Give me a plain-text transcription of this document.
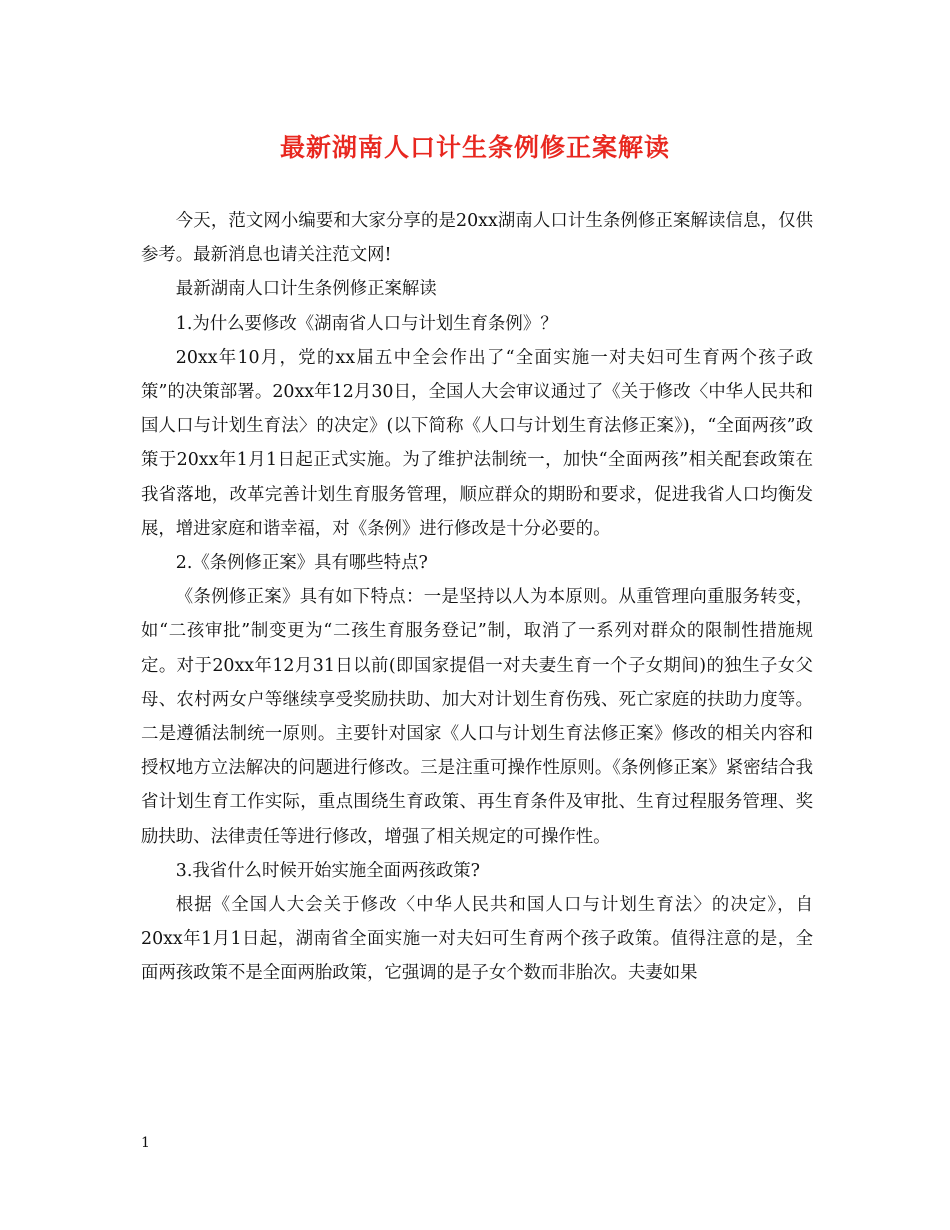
最新湖南人口计生条例修正案解读

今天，范文网小编要和大家分享的是20xx湖南人口计生条例修正案解读信息，仅供参考。最新消息也请关注范文网!

最新湖南人口计生条例修正案解读

1.为什么要修改《湖南省人口与计划生育条例》？

20xx年10月，党的xx届五中全会作出了“全面实施一对夫妇可生育两个孩子政策”的决策部署。20xx年12月30日，全国人大会审议通过了《关于修改〈中华人民共和国人口与计划生育法〉的决定》(以下简称《人口与计划生育法修正案》)，“全面两孩”政策于20xx年1月1日起正式实施。为了维护法制统一，加快“全面两孩”相关配套政策在我省落地，改革完善计划生育服务管理，顺应群众的期盼和要求，促进我省人口均衡发展，增进家庭和谐幸福，对《条例》进行修改是十分必要的。

2.《条例修正案》具有哪些特点?

《条例修正案》具有如下特点：一是坚持以人为本原则。从重管理向重服务转变，如“二孩审批”制变更为“二孩生育服务登记”制，取消了一系列对群众的限制性措施规定。对于20xx年12月31日以前(即国家提倡一对夫妻生育一个子女期间)的独生子女父母、农村两女户等继续享受奖励扶助、加大对计划生育伤残、死亡家庭的扶助力度等。二是遵循法制统一原则。主要针对国家《人口与计划生育法修正案》修改的相关内容和授权地方立法解决的问题进行修改。三是注重可操作性原则。《条例修正案》紧密结合我省计划生育工作实际，重点围绕生育政策、再生育条件及审批、生育过程服务管理、奖励扶助、法律责任等进行修改，增强了相关规定的可操作性。

3.我省什么时候开始实施全面两孩政策?

根据《全国人大会关于修改〈中华人民共和国人口与计划生育法〉的决定》，自20xx年1月1日起，湖南省全面实施一对夫妇可生育两个孩子政策。值得注意的是，全面两孩政策不是全面两胎政策，它强调的是子女个数而非胎次。夫妻如果

1
